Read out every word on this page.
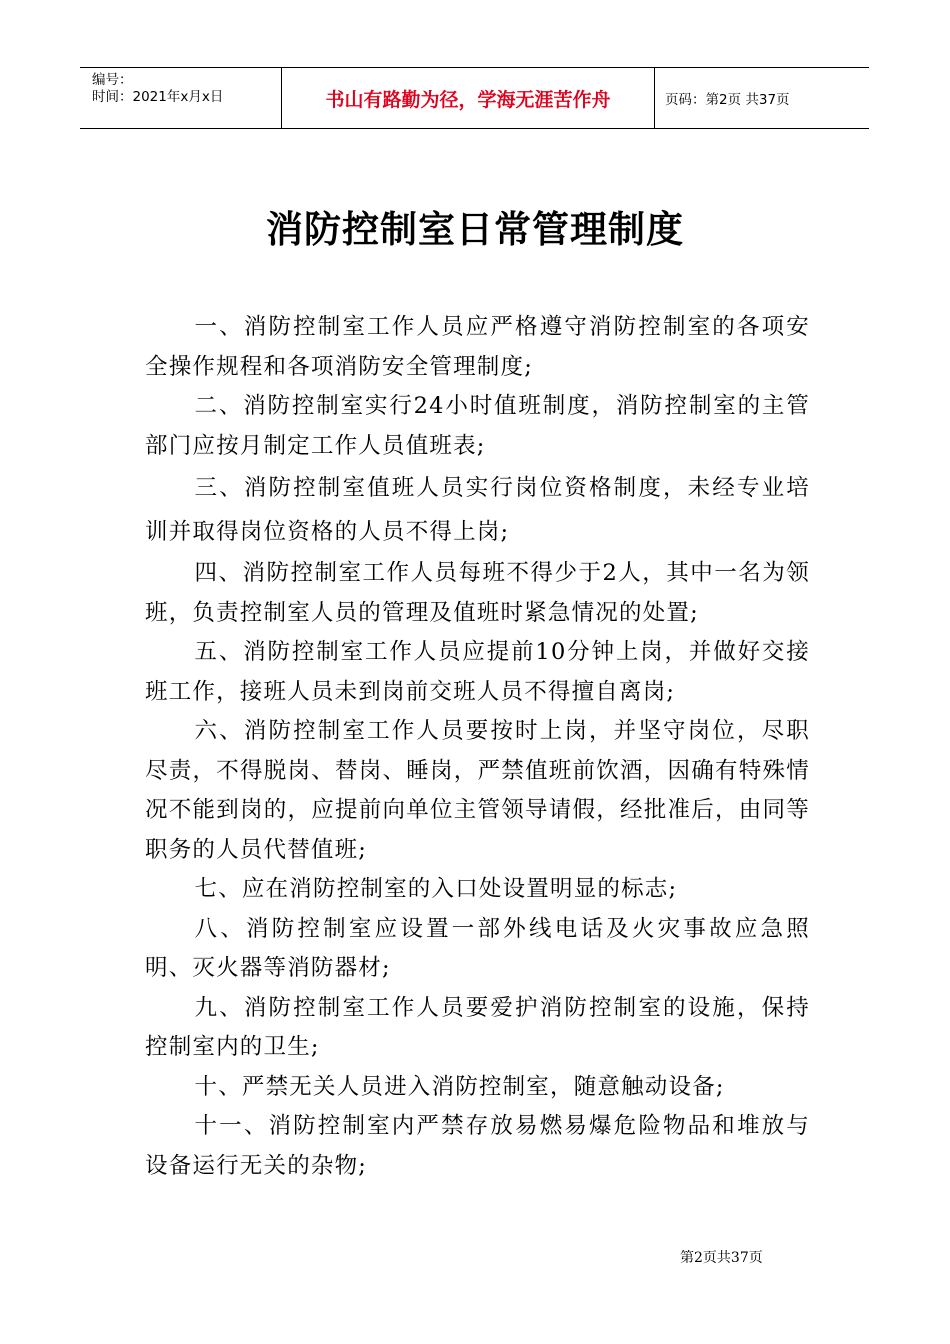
编号：
时间：2021年x月x日	书山有路勤为径，学海无涯苦作舟	页码：第2页 共37页
消防控制室日常管理制度

一、消防控制室工作人员应严格遵守消防控制室的各项安全操作规程和各项消防安全管理制度;

二、消防控制室实行24小时值班制度，消防控制室的主管部门应按月制定工作人员值班表;

三、消防控制室值班人员实行岗位资格制度，未经专业培训并取得岗位资格的人员不得上岗;

四、消防控制室工作人员每班不得少于2人，其中一名为领班，负责控制室人员的管理及值班时紧急情况的处置;

五、消防控制室工作人员应提前10分钟上岗，并做好交接班工作，接班人员未到岗前交班人员不得擅自离岗;

六、消防控制室工作人员要按时上岗，并坚守岗位，尽职尽责，不得脱岗、替岗、睡岗，严禁值班前饮酒，因确有特殊情况不能到岗的，应提前向单位主管领导请假，经批准后，由同等职务的人员代替值班;

七、应在消防控制室的入口处设置明显的标志;

八、消防控制室应设置一部外线电话及火灾事故应急照明、灭火器等消防器材;

九、消防控制室工作人员要爱护消防控制室的设施，保持控制室内的卫生;

十、严禁无关人员进入消防控制室，随意触动设备;

十一、消防控制室内严禁存放易燃易爆危险物品和堆放与设备运行无关的杂物;

第2页共37页
